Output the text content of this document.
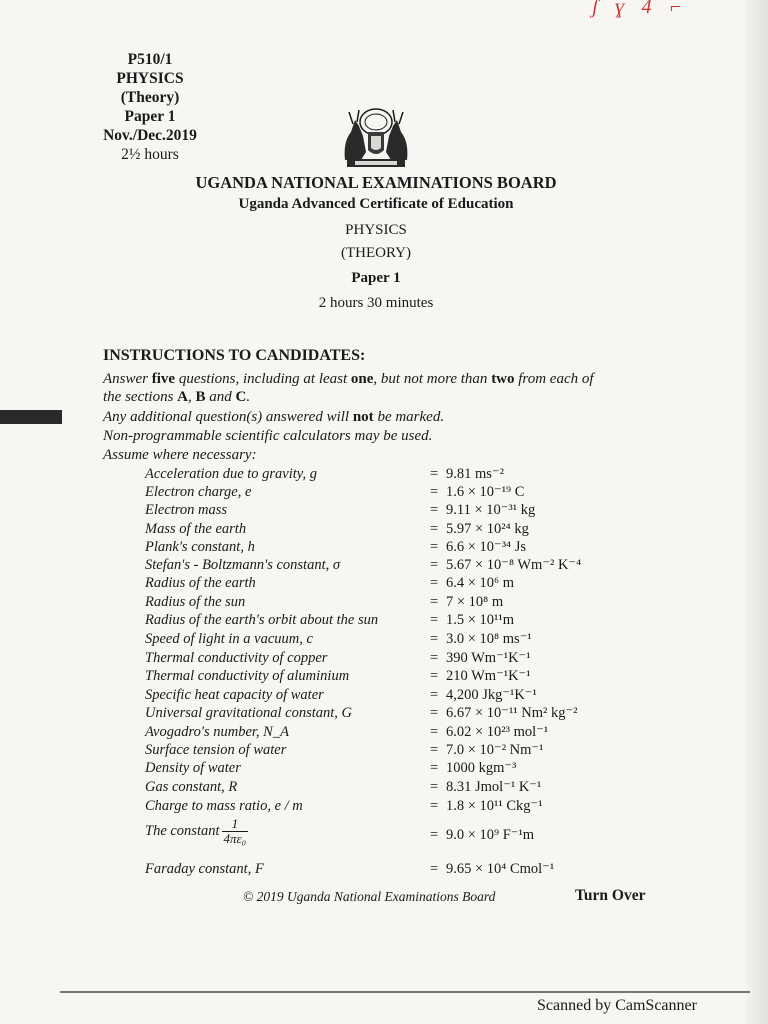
ʃ ɣ 4 ⌐
P510/1
PHYSICS
(Theory)
Paper 1
Nov./Dec.2019
2½ hours
UGANDA NATIONAL EXAMINATIONS BOARD
Uganda Advanced Certificate of Education
PHYSICS
(THEORY)
Paper 1
2 hours 30 minutes
INSTRUCTIONS TO CANDIDATES:
Answer five questions, including at least one, but not more than two from each of
the sections A, B and C.
Any additional question(s) answered will not be marked.
Non-programmable scientific calculators may be used.
Assume where necessary:
Acceleration due to gravity, g	= 9.81 ms⁻²
Electron charge, e	= 1.6 × 10⁻¹⁹ C
Electron mass	= 9.11 × 10⁻³¹ kg
Mass of the earth	= 5.97 × 10²⁴ kg
Plank's constant, h	= 6.6 × 10⁻³⁴ Js
Stefan's - Boltzmann's constant, σ	= 5.67 × 10⁻⁸ Wm⁻² K⁻⁴
Radius of the earth	= 6.4 × 10⁶ m
Radius of the sun	= 7 × 10⁸ m
Radius of the earth's orbit about the sun	= 1.5 × 10¹¹m
Speed of light in a vacuum, c	= 3.0 × 10⁸ ms⁻¹
Thermal conductivity of copper	= 390 Wm⁻¹K⁻¹
Thermal conductivity of aluminium	= 210 Wm⁻¹K⁻¹
Specific heat capacity of water	= 4,200 Jkg⁻¹K⁻¹
Universal gravitational constant, G	= 6.67 × 10⁻¹¹ Nm² kg⁻²
Avogadro's number, N_A	= 6.02 × 10²³ mol⁻¹
Surface tension of water	= 7.0 × 10⁻² Nm⁻¹
Density of water	= 1000 kgm⁻³
Gas constant, R	= 8.31 Jmol⁻¹ K⁻¹
Charge to mass ratio, e / m	= 1.8 × 10¹¹ Ckg⁻¹
The constant $\frac{1}{\text{4πε₀}}$	= 9.0 × 10⁹ F⁻¹m
Faraday constant, F	= 9.65 × 10⁴ Cmol⁻¹
© 2019 Uganda National Examinations Board	Turn Over
Scanned by CamScanner
